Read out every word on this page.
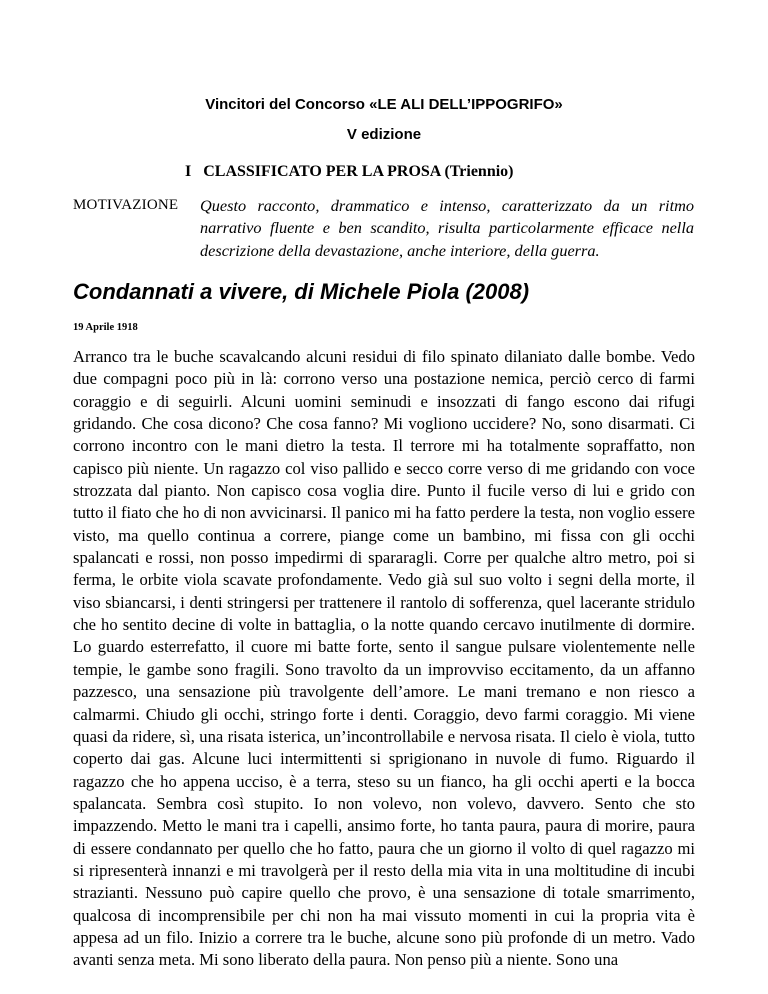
Vincitori del Concorso «LE ALI DELL’IPPOGRIFO»

V edizione

I   CLASSIFICATO PER LA PROSA (Triennio)

MOTIVAZIONE Questo racconto, drammatico e intenso, caratterizzato da un ritmo narrativo fluente e ben scandito, risulta particolarmente efficace nella descrizione della devastazione, anche interiore, della guerra.

Condannati a vivere, di Michele Piola (2008)

19 Aprile 1918

Arranco tra le buche scavalcando alcuni residui di filo spinato dilaniato dalle bombe. Vedo due compagni poco più in là: corrono verso una postazione nemica, perciò cerco di farmi coraggio e di seguirli. Alcuni uomini seminudi e insozzati di fango escono dai rifugi gridando. Che cosa dicono? Che cosa fanno? Mi vogliono uccidere? No, sono disarmati. Ci corrono incontro con le mani dietro la testa. Il terrore mi ha totalmente sopraffatto, non capisco più niente. Un ragazzo col viso pallido e secco corre verso di me gridando con voce strozzata dal pianto. Non capisco cosa voglia dire. Punto il fucile verso di lui e grido con tutto il fiato che ho di non avvicinarsi. Il panico mi ha fatto perdere la testa, non voglio essere visto, ma quello continua a correre, piange come un bambino, mi fissa con gli occhi spalancati e rossi, non posso impedirmi di spararagli. Corre per qualche altro metro, poi si ferma, le orbite viola scavate profondamente. Vedo già sul suo volto i segni della morte, il viso sbiancarsi, i denti stringersi per trattenere il rantolo di sofferenza, quel lacerante stridulo che ho sentito decine di volte in battaglia, o la notte quando cercavo inutilmente di dormire. Lo guardo esterrefatto, il cuore mi batte forte, sento il sangue pulsare violentemente nelle tempie, le gambe sono fragili. Sono travolto da un improvviso eccitamento, da un affanno pazzesco, una sensazione più travolgente dell’amore. Le mani tremano e non riesco a calmarmi. Chiudo gli occhi, stringo forte i denti. Coraggio, devo farmi coraggio. Mi viene quasi da ridere, sì, una risata isterica, un’incontrollabile e nervosa risata. Il cielo è viola, tutto coperto dai gas. Alcune luci intermittenti si sprigionano in nuvole di fumo. Riguardo il ragazzo che ho appena ucciso, è a terra, steso su un fianco, ha gli occhi aperti e la bocca spalancata. Sembra così stupito. Io non volevo, non volevo, davvero. Sento che sto impazzendo. Metto le mani tra i capelli, ansimo forte, ho tanta paura, paura di morire, paura di essere condannato per quello che ho fatto, paura che un giorno il volto di quel ragazzo mi si ripresenterà innanzi e mi travolgerà per il resto della mia vita in una moltitudine di incubi strazianti. Nessuno può capire quello che provo, è una sensazione di totale smarrimento, qualcosa di incomprensibile per chi non ha mai vissuto momenti in cui la propria vita è appesa ad un filo. Inizio a correre tra le buche, alcune sono più profonde di un metro. Vado avanti senza meta. Mi sono liberato della paura. Non penso più a niente. Sono una
